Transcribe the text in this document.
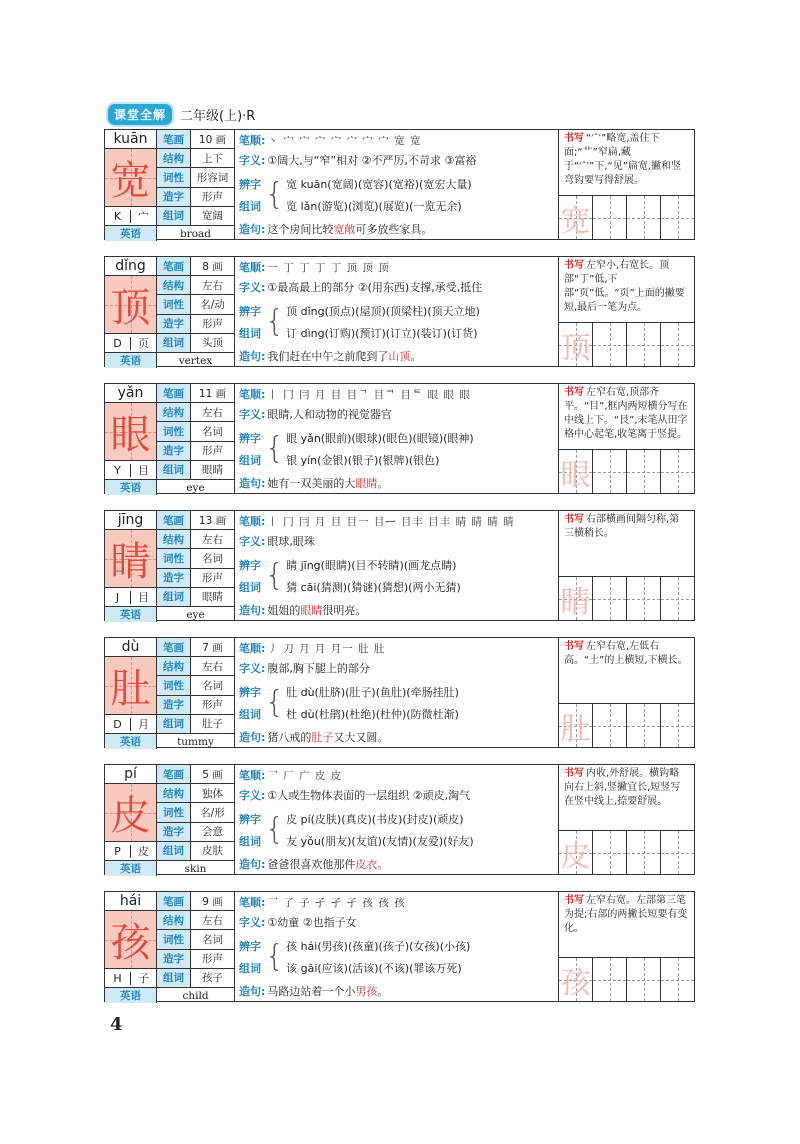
课堂全解	二年级(上)·R
kuān
宽
K	宀
笔画	10 画
结构	上下
词性	形容词
造字	形声
组词	宽阔
英语	broad
笔顺: 丶 宀 宀 宀 宀 宀 宀 宀 宽 宽
字义: ①阔大,与“窄”相对 ②不严厉,不苛求 ③富裕
辨字
组词 { 宽 kuān(宽阔)(宽容)(宽裕)(宽宏大量)
览 lǎn(游览)(浏览)(展览)(一览无余)
造句: 这个房间比较 宽敞 可多放些家具。
书写 “宀”略宽,盖住下面;“艹”窄扁,藏于“宀”下,“见”扁宽,撇和竖弯钩要写得舒展。
宽
dǐng
顶
D	页
笔画	8 画
结构	左右
词性	名/动
造字	形声
组词	头顶
英语	vertex
笔顺: 一 丁 丁 丁 丁 顶 顶 顶
字义: ①最高最上的部分 ②(用东西)支撑,承受,抵住
辨字
组词 { 顶 dǐng(顶点)(屋顶)(顶梁柱)(顶天立地)
订 dìng(订购)(预订)(订立)(装订)(订货)
造句: 我们赶在中午之前爬到了 山顶 。
书写 左窄小,右宽长。顶部“丁”低,下部“页”低。“页”上面的撇要短,最后一笔为点。
顶
yǎn
眼
Y	目
笔画	11 画
结构	左右
词性	名词
造字	形声
组词	眼睛
英语	eye
笔顺: 丨 冂 冃 月 目 目ᄀ 目ᄏ 目ᄐ 眼 眼 眼
字义: 眼睛,人和动物的视觉器官
辨字
组词 { 眼 yǎn(眼前)(眼球)(眼色)(眼镜)(眼神)
银 yín(金银)(银子)(银牌)(银色)
造句: 她有一双美丽的大 眼睛 。
书写 左窄右宽,顶部齐平。“目”,框内两短横分写在中线上下。“艮”,末笔从田字格中心起笔,收笔离于竖提。
眼
jīng
睛
J	目
笔画	13 画
结构	左右
词性	名词
造字	形声
组词	眼睛
英语	eye
笔顺: 丨 冂 冃 月 目 目一 目ᆖ 目丰 目丰 睛 睛 睛 睛
字义: 眼球,眼珠
辨字
组词 { 睛 jīng(眼睛)(目不转睛)(画龙点睛)
猜 cāi(猜测)(猜谜)(猜想)(两小无猜)
造句: 姐姐的 眼睛 很明亮。
书写 右部横画间隔匀称,第三横稍长。
睛
dù
肚
D	月
笔画	7 画
结构	左右
词性	名词
造字	形声
组词	肚子
英语	tummy
笔顺: 丿 刀 月 月 月一 肚 肚
字义: 腹部,胸下腿上的部分
辨字
组词 { 肚 dù(肚脐)(肚子)(鱼肚)(牵肠挂肚)
杜 dù(杜鹃)(杜绝)(杜仲)(防微杜渐)
造句: 猪八戒的 肚子 又大又圆。
书写 左窄右宽,左低右高。“土”的上横短,下横长。
肚
pí
皮
P	皮
笔画	5 画
结构	独体
词性	名/形
造字	会意
组词	皮肤
英语	skin
笔顺: 乛 厂 广 皮 皮
字义: ①人或生物体表面的一层组织 ②顽皮,淘气
辨字
组词 { 皮 pí(皮肤)(真皮)(书皮)(封皮)(顽皮)
友 yǒu(朋友)(友谊)(友情)(友爱)(好友)
造句: 爸爸很喜欢他那件 皮衣 。
书写 内收,外舒展。横钩略向右上斜,竖撇宜长,短竖写在竖中线上,捺要舒展。
皮
hái
孩
H	子
笔画	9 画
结构	左右
词性	名词
造字	形声
组词	孩子
英语	child
笔顺: 乛 了 子 孑 孑 孑 孩 孩 孩
字义: ①幼童 ②也指子女
辨字
组词 { 孩 hái(男孩)(孩童)(孩子)(女孩)(小孩)
该 gāi(应该)(活该)(不该)(罪该万死)
造句: 马路边站着一个小 男孩 。
书写 左窄右宽。左部第三笔为提;右部的两撇长短要有变化。
孩
4
